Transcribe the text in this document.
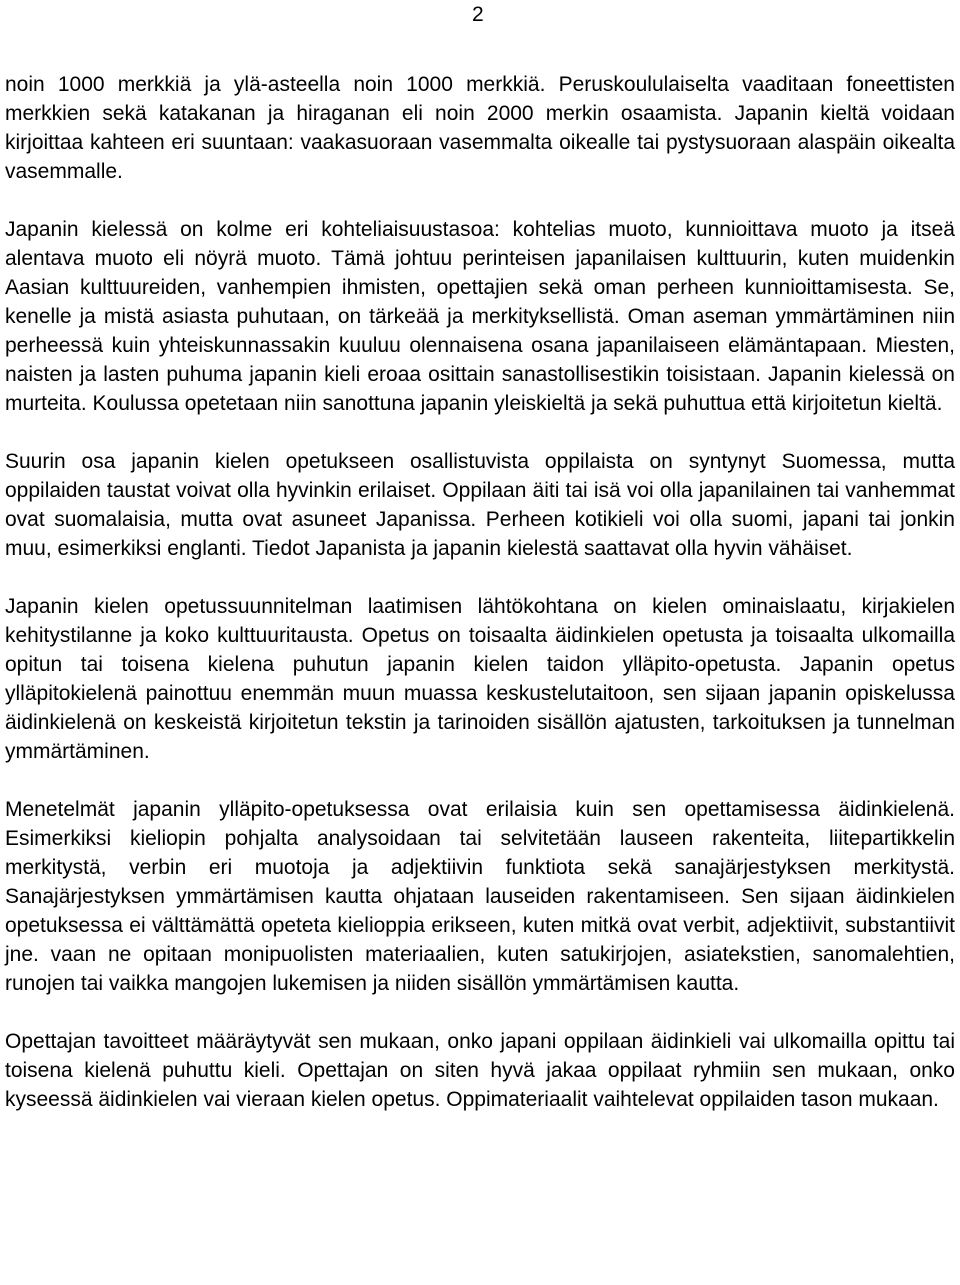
2

noin 1000 merkkiä ja ylä-asteella noin 1000 merkkiä. Peruskoululaiselta vaaditaan foneettisten merkkien sekä katakanan ja hiraganan eli noin 2000 merkin osaamista. Japanin kieltä voidaan kirjoittaa kahteen eri suuntaan: vaakasuoraan vasemmalta oikealle tai pystysuoraan alaspäin oikealta vasemmalle.

Japanin kielessä on kolme eri kohteliaisuustasoa: kohtelias muoto, kunnioittava muoto ja itseä alentava muoto eli nöyrä muoto. Tämä johtuu perinteisen japanilaisen kulttuurin, kuten muidenkin Aasian kulttuureiden, vanhempien ihmisten, opettajien sekä oman perheen kunnioittamisesta. Se, kenelle ja mistä asiasta puhutaan, on tärkeää ja merkityksellistä. Oman aseman ymmärtäminen niin perheessä kuin yhteiskunnassakin kuuluu olennaisena osana japanilaiseen elämäntapaan. Miesten, naisten ja lasten puhuma japanin kieli eroaa osittain sanastollisestikin toisistaan. Japanin kielessä on murteita. Koulussa opetetaan niin sanottuna japanin yleiskieltä ja sekä puhuttua että kirjoitetun kieltä.

Suurin osa japanin kielen opetukseen osallistuvista oppilaista on syntynyt Suomessa, mutta oppilaiden taustat voivat olla hyvinkin erilaiset. Oppilaan äiti tai isä voi olla japanilainen tai vanhemmat ovat suomalaisia, mutta ovat asuneet Japanissa. Perheen kotikieli voi olla suomi, japani tai jonkin muu, esimerkiksi englanti. Tiedot Japanista ja japanin kielestä saattavat olla hyvin vähäiset.

Japanin kielen opetussuunnitelman laatimisen lähtökohtana on kielen ominaislaatu, kirjakielen kehitystilanne ja koko kulttuuritausta. Opetus on toisaalta äidinkielen opetusta ja toisaalta ulkomailla opitun tai toisena kielena puhutun japanin kielen taidon ylläpito-opetusta. Japanin opetus ylläpitokielenä painottuu enemmän muun muassa keskustelutaitoon, sen sijaan japanin opiskelussa äidinkielenä on keskeistä kirjoitetun tekstin ja tarinoiden sisällön ajatusten, tarkoituksen ja tunnelman ymmärtäminen.

Menetelmät japanin ylläpito-opetuksessa ovat erilaisia kuin sen opettamisessa äidinkielenä. Esimerkiksi kieliopin pohjalta analysoidaan tai selvitetään lauseen rakenteita, liitepartikkelin merkitystä, verbin eri muotoja ja adjektiivin funktiota sekä sanajärjestyksen merkitystä. Sanajärjestyksen ymmärtämisen kautta ohjataan lauseiden rakentamiseen. Sen sijaan äidinkielen opetuksessa ei välttämättä opeteta kielioppia erikseen, kuten mitkä ovat verbit, adjektiivit, substantiivit jne. vaan ne opitaan monipuolisten materiaalien, kuten satukirjojen, asiatekstien, sanomalehtien, runojen tai vaikka mangojen lukemisen ja niiden sisällön ymmärtämisen kautta.

Opettajan tavoitteet määräytyvät sen mukaan, onko japani oppilaan äidinkieli vai ulkomailla opittu tai toisena kielenä puhuttu kieli. Opettajan on siten hyvä jakaa oppilaat ryhmiin sen mukaan, onko kyseessä äidinkielen vai vieraan kielen opetus. Oppimateriaalit vaihtelevat oppilaiden tason mukaan.
